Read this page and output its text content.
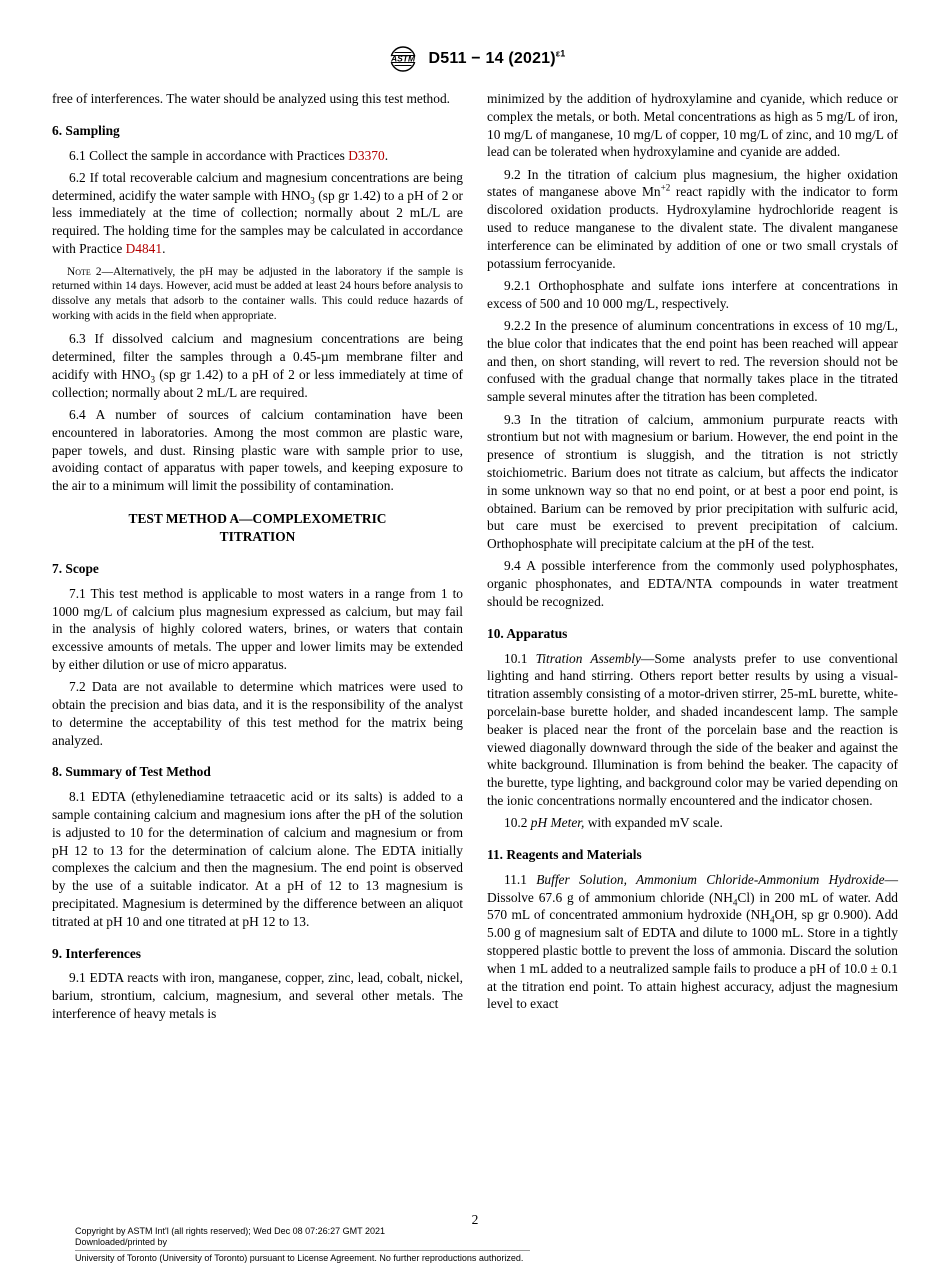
ASTM D511 − 14 $(2021)^{\varepsilon 1}$

free of interferences. The water should be analyzed using this test method.

6. Sampling

6.1 Collect the sample in accordance with Practices D3370.

6.2 If total recoverable calcium and magnesium concentrations are being determined, acidify the water sample with $HNO_3$ (sp gr 1.42) to a pH of 2 or less immediately at the time of collection; normally about 2 mL/L are required. The holding time for the samples may be calculated in accordance with Practice D4841.

Note 2—Alternatively, the pH may be adjusted in the laboratory if the sample is returned within 14 days. However, acid must be added at least 24 hours before analysis to dissolve any metals that adsorb to the container walls. This could reduce hazards of working with acids in the field when appropriate.

6.3 If dissolved calcium and magnesium concentrations are being determined, filter the samples through a 0.45-µm membrane filter and acidify with $HNO_3$ (sp gr 1.42) to a pH of 2 or less immediately at time of collection; normally about 2 mL/L are required.

6.4 A number of sources of calcium contamination have been encountered in laboratories. Among the most common are plastic ware, paper towels, and dust. Rinsing plastic ware with sample prior to use, avoiding contact of apparatus with paper towels, and keeping exposure to the air to a minimum will limit the possibility of contamination.

TEST METHOD A—COMPLEXOMETRIC
TITRATION
7. Scope

7.1 This test method is applicable to most waters in a range from 1 to 1000 mg/L of calcium plus magnesium expressed as calcium, but may fail in the analysis of highly colored waters, brines, or waters that contain excessive amounts of metals. The upper and lower limits may be extended by either dilution or use of micro apparatus.

7.2 Data are not available to determine which matrices were used to obtain the precision and bias data, and it is the responsibility of the analyst to determine the acceptability of this test method for the matrix being analyzed.

8. Summary of Test Method

8.1 EDTA (ethylenediamine tetraacetic acid or its salts) is added to a sample containing calcium and magnesium ions after the pH of the solution is adjusted to 10 for the determination of calcium and magnesium or from pH 12 to 13 for the determination of calcium alone. The EDTA initially complexes the calcium and then the magnesium. The end point is observed by the use of a suitable indicator. At a pH of 12 to 13 magnesium is precipitated. Magnesium is determined by the difference between an aliquot titrated at pH 10 and one titrated at pH 12 to 13.

9. Interferences

9.1 EDTA reacts with iron, manganese, copper, zinc, lead, cobalt, nickel, barium, strontium, calcium, magnesium, and several other metals. The interference of heavy metals is

minimized by the addition of hydroxylamine and cyanide, which reduce or complex the metals, or both. Metal concentrations as high as 5 mg/L of iron, 10 mg/L of manganese, 10 mg/L of copper, 10 mg/L of zinc, and 10 mg/L of lead can be tolerated when hydroxylamine and cyanide are added.

9.2 In the titration of calcium plus magnesium, the higher oxidation states of manganese above $Mn^{+2}$ react rapidly with the indicator to form discolored oxidation products. Hydroxylamine hydrochloride reagent is used to reduce manganese to the divalent state. The divalent manganese interference can be eliminated by addition of one or two small crystals of potassium ferrocyanide.

9.2.1 Orthophosphate and sulfate ions interfere at concentrations in excess of 500 and 10 000 mg/L, respectively.

9.2.2 In the presence of aluminum concentrations in excess of 10 mg/L, the blue color that indicates that the end point has been reached will appear and then, on short standing, will revert to red. The reversion should not be confused with the gradual change that normally takes place in the titrated sample several minutes after the titration has been completed.

9.3 In the titration of calcium, ammonium purpurate reacts with strontium but not with magnesium or barium. However, the end point in the presence of strontium is sluggish, and the titration is not strictly stoichiometric. Barium does not titrate as calcium, but affects the indicator in some unknown way so that no end point, or at best a poor end point, is obtained. Barium can be removed by prior precipitation with sulfuric acid, but care must be exercised to prevent precipitation of calcium. Orthophosphate will precipitate calcium at the pH of the test.

9.4 A possible interference from the commonly used polyphosphates, organic phosphonates, and EDTA/NTA compounds in water treatment should be recognized.

10. Apparatus

10.1 Titration Assembly—Some analysts prefer to use conventional lighting and hand stirring. Others report better results by using a visual-titration assembly consisting of a motor-driven stirrer, 25-mL burette, white-porcelain-base burette holder, and shaded incandescent lamp. The sample beaker is placed near the front of the porcelain base and the reaction is viewed diagonally downward through the side of the beaker and against the white background. Illumination is from behind the beaker. The capacity of the burette, type lighting, and background color may be varied depending on the ionic concentrations normally encountered and the indicator chosen.

10.2 pH Meter, with expanded mV scale.

11. Reagents and Materials

11.1 Buffer Solution, Ammonium Chloride-Ammonium Hydroxide—Dissolve 67.6 g of ammonium chloride $(NH_4Cl)$ in 200 mL of water. Add 570 mL of concentrated ammonium hydroxide ($NH_4OH$, sp gr 0.900). Add 5.00 g of magnesium salt of EDTA and dilute to 1000 mL. Store in a tightly stoppered plastic bottle to prevent the loss of ammonia. Discard the solution when 1 mL added to a neutralized sample fails to produce a pH of 10.0 ± 0.1 at the titration end point. To attain highest accuracy, adjust the magnesium level to exact

2
Copyright by ASTM Int'l (all rights reserved); Wed Dec 08 07:26:27 GMT 2021
Downloaded/printed by
University of Toronto (University of Toronto) pursuant to License Agreement. No further reproductions authorized.
